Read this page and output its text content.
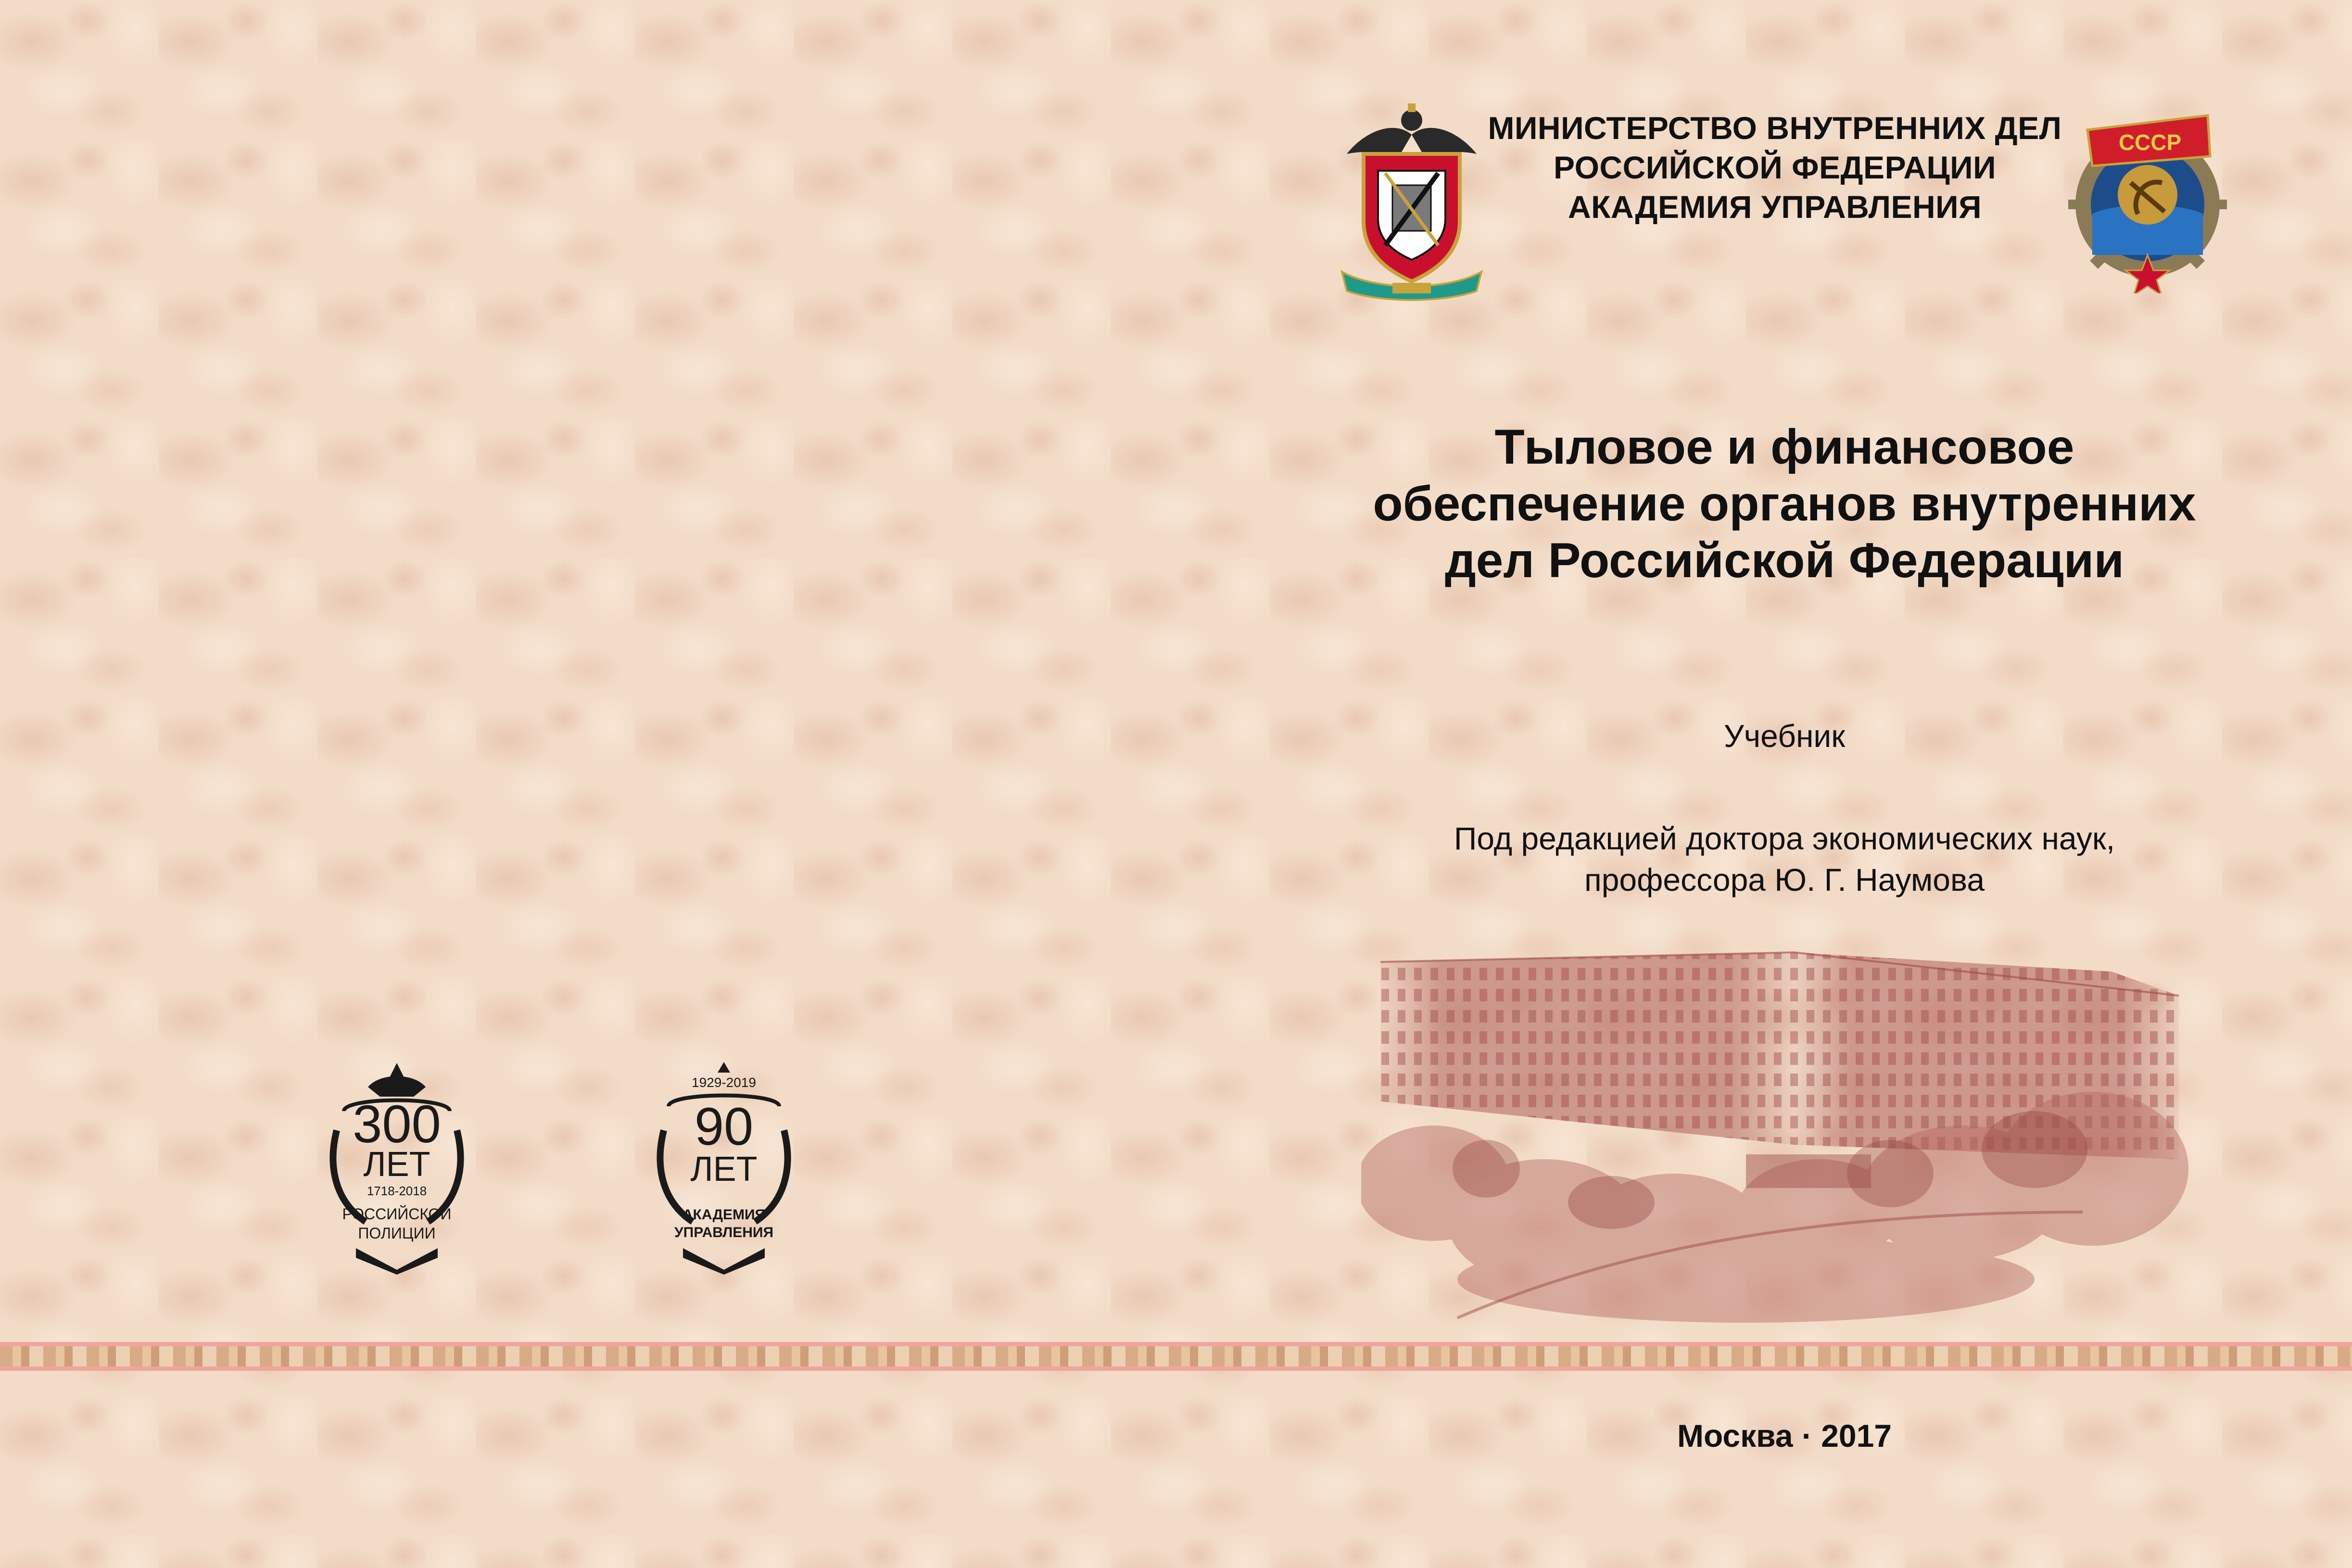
МИНИСТЕРСТВО ВНУТРЕННИХ ДЕЛ
РОССИЙСКОЙ ФЕДЕРАЦИИ
АКАДЕМИЯ УПРАВЛЕНИЯ
СССР
Тыловое и финансовое
обеспечение органов внутренних
дел Российской Федерации
Учебник
Под редакцией доктора экономических наук,
профессора Ю. Г. Наумова
300
ЛЕТ
1718-2018
РОССИЙСКОЙ
ПОЛИЦИИ
1929-2019
90
ЛЕТ
АКАДЕМИЯ
УПРАВЛЕНИЯ
Москва · 2017
